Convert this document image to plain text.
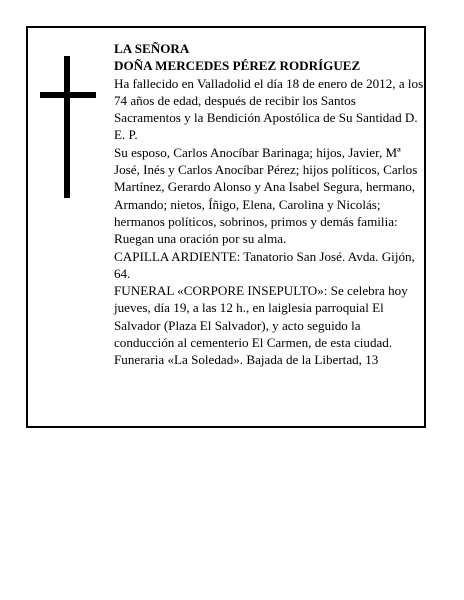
LA SEÑORA

DOÑA MERCEDES PÉREZ RODRÍGUEZ

Ha fallecido en Valladolid el día 18 de enero de 2012, a los 74 años de edad, después de recibir los Santos Sacramentos y la Bendición Apostólica de Su Santidad D. E. P.

Su esposo, Carlos Anocíbar Barinaga; hijos, Javier, Mª José, Inés y Carlos Anocíbar Pérez; hijos políticos, Carlos Martínez, Gerardo Alonso y Ana Isabel Segura, hermano, Armando; nietos, Íñigo, Elena, Carolina y Nicolás; hermanos políticos, sobrinos, primos y demás familia:

Ruegan una oración por su alma.

CAPILLA ARDIENTE: Tanatorio San José. Avda. Gijón, 64.

FUNERAL «CORPORE INSEPULTO»: Se celebra hoy jueves, día 19, a las 12 h., en laiglesia parroquial El Salvador (Plaza El Salvador), y acto seguido la conducción al cementerio El Carmen, de esta ciudad.

Funeraria «La Soledad». Bajada de la Libertad, 13
